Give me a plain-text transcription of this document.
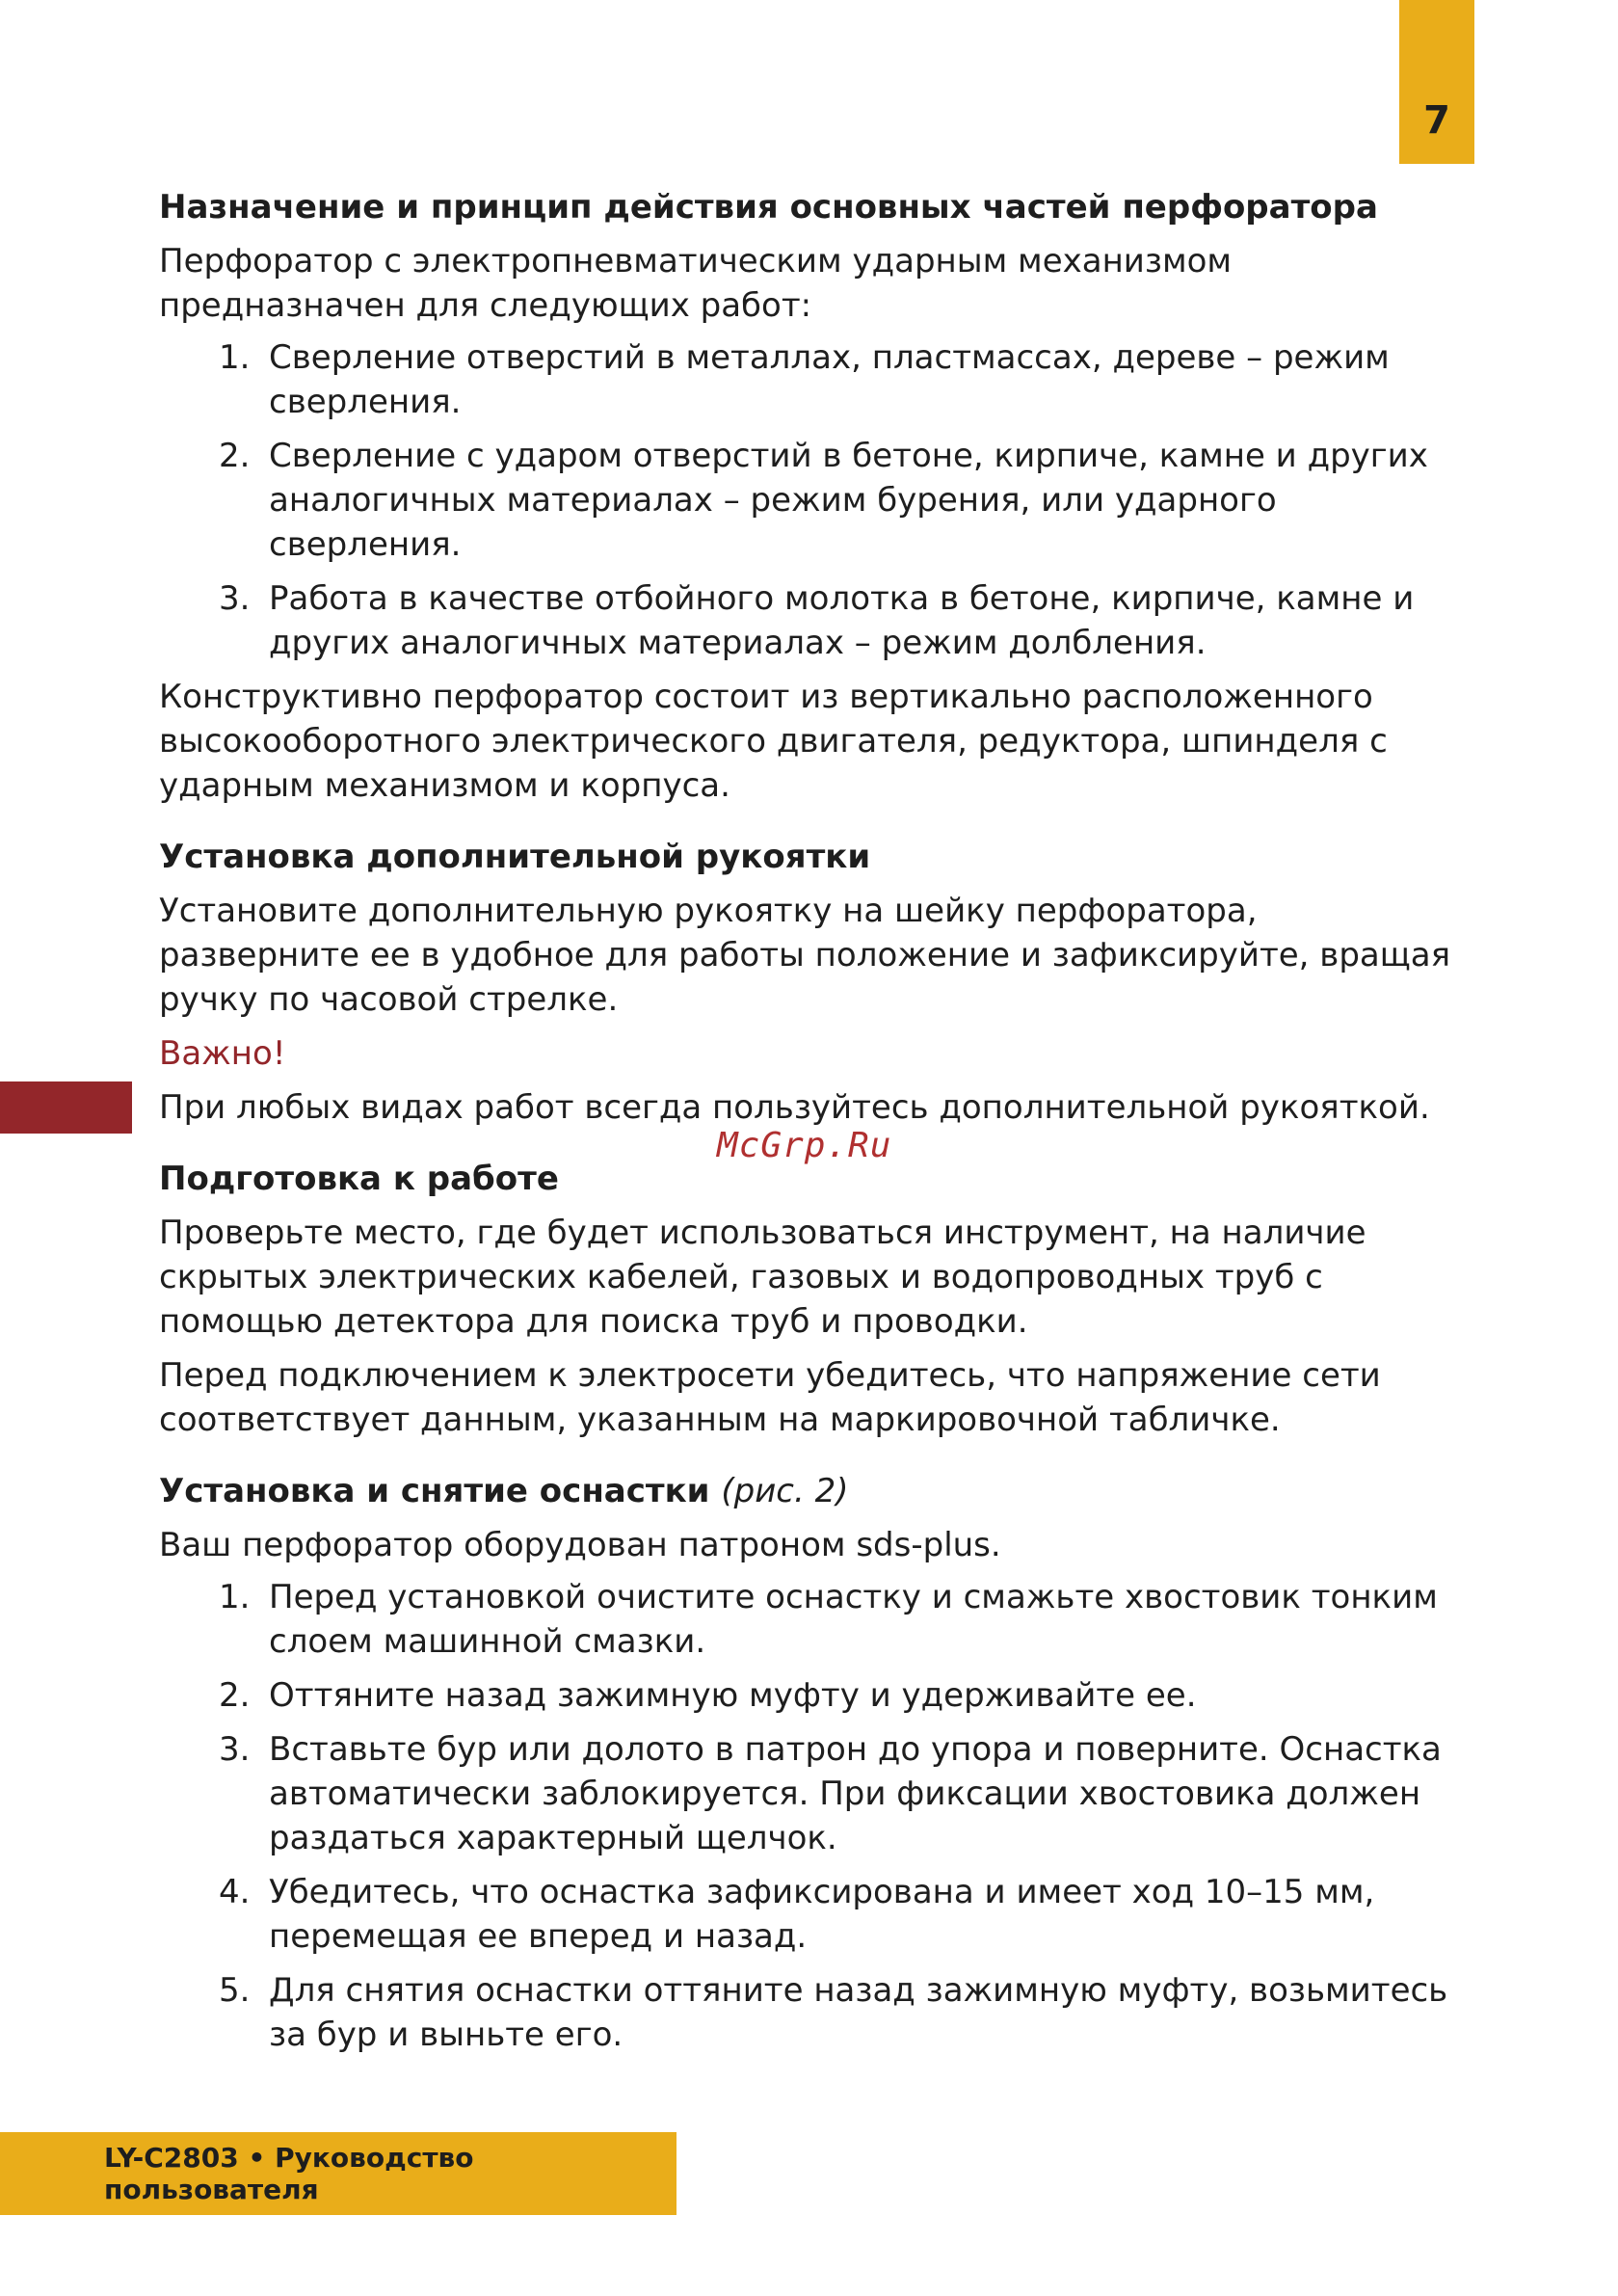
7
Назначение и принцип действия основных частей перфоратора

Перфоратор с электропневматическим ударным механизмом предназначен для следующих работ:

1. Сверление отверстий в металлах, пластмассах, дереве – режим сверления.
2. Сверление с ударом отверстий в бетоне, кирпиче, камне и других аналогичных материалах – режим бурения, или ударного сверления.
3. Работа в качестве отбойного молотка в бетоне, кирпиче, камне и других аналогичных материалах – режим долбления.

Конструктивно перфоратор состоит из вертикально расположенного высокооборотного электрического двигателя, редуктора, шпинделя с ударным механизмом и корпуса.

Установка дополнительной рукоятки

Установите дополнительную рукоятку на шейку перфоратора, разверните ее в удобное для работы положение и зафиксируйте, вращая ручку по часовой стрелке.

Важно!

При любых видах работ всегда пользуйтесь дополнительной рукояткой.

Подготовка к работе

Проверьте место, где будет использоваться инструмент, на наличие скрытых электрических кабелей, газовых и водопроводных труб с помощью детектора для поиска труб и проводки.

Перед подключением к электросети убедитесь, что напряжение сети соответствует данным, указанным на маркировочной табличке.

Установка и снятие оснастки (рис. 2)

Ваш перфоратор оборудован патроном sds-plus.

1. Перед установкой очистите оснастку и смажьте хвостовик тонким слоем машинной смазки.
2. Оттяните назад зажимную муфту и удерживайте ее.
3. Вставьте бур или долото в патрон до упора и поверните. Оснастка автоматически заблокируется. При фиксации хвостовика должен раздаться характерный щелчок.
4. Убедитесь, что оснастка зафиксирована и имеет ход 10–15 мм, перемещая ее вперед и назад.
5. Для снятия оснастки оттяните назад зажимную муфту, возьмитесь за бур и выньте его.
McGrp.Ru
LY-C2803 • Руководство пользователя
